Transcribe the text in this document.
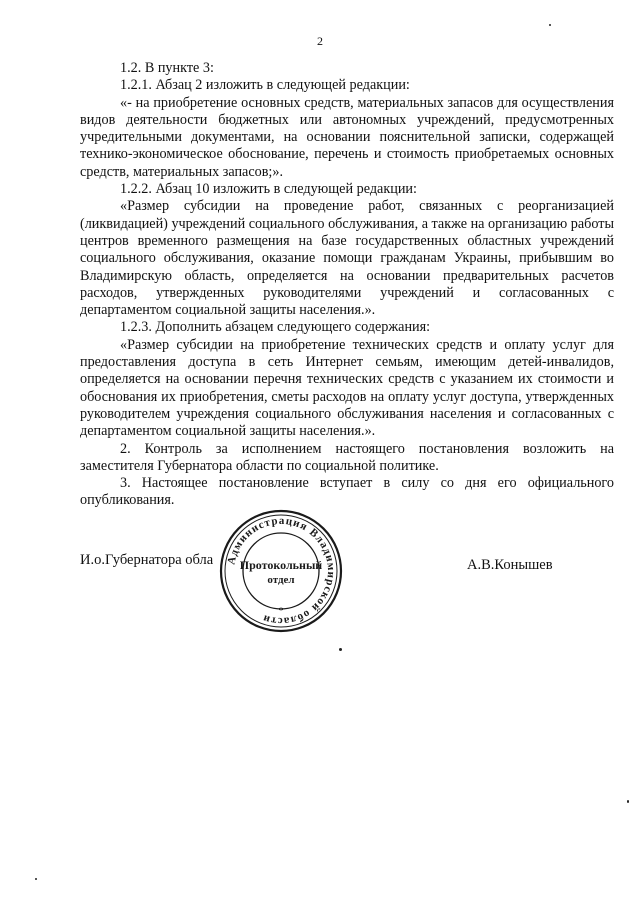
2

1.2. В пункте 3:

1.2.1. Абзац 2 изложить в следующей редакции:

«- на приобретение основных средств, материальных запасов для осуществления видов деятельности бюджетных или автономных учреждений, предусмотренных учредительными документами, на основании пояснительной записки, содержащей технико-экономическое обоснование, перечень и стоимость приобретаемых основных средств, материальных запасов;».

1.2.2. Абзац 10 изложить в следующей редакции:

«Размер субсидии на проведение работ, связанных с реорганизацией (ликвидацией) учреждений социального обслуживания, а также на организацию работы центров временного размещения на базе государственных областных учреждений социального обслуживания, оказание помощи гражданам Украины, прибывшим во Владимирскую область, определяется на основании предварительных расчетов расходов, утвержденных руководителями учреждений и согласованных с департаментом социальной защиты населения.».

1.2.3. Дополнить абзацем следующего содержания:

«Размер субсидии на приобретение технических средств и оплату услуг для предоставления доступа в сеть Интернет семьям, имеющим детей-инвалидов, определяется на основании перечня технических средств с указанием их стоимости и обоснования их приобретения, сметы расходов на оплату услуг доступа, утвержденных руководителем учреждения социального обслуживания населения и согласованных с департаментом социальной защиты населения.».

2. Контроль за исполнением настоящего постановления возложить на заместителя Губернатора области по социальной политике.

3. Настоящее постановление вступает в силу со дня его официального опубликования.

И.о.Губернатора обла	А.В.Конышев
Администрация Владимирской области
*
Протокольный
отдел
